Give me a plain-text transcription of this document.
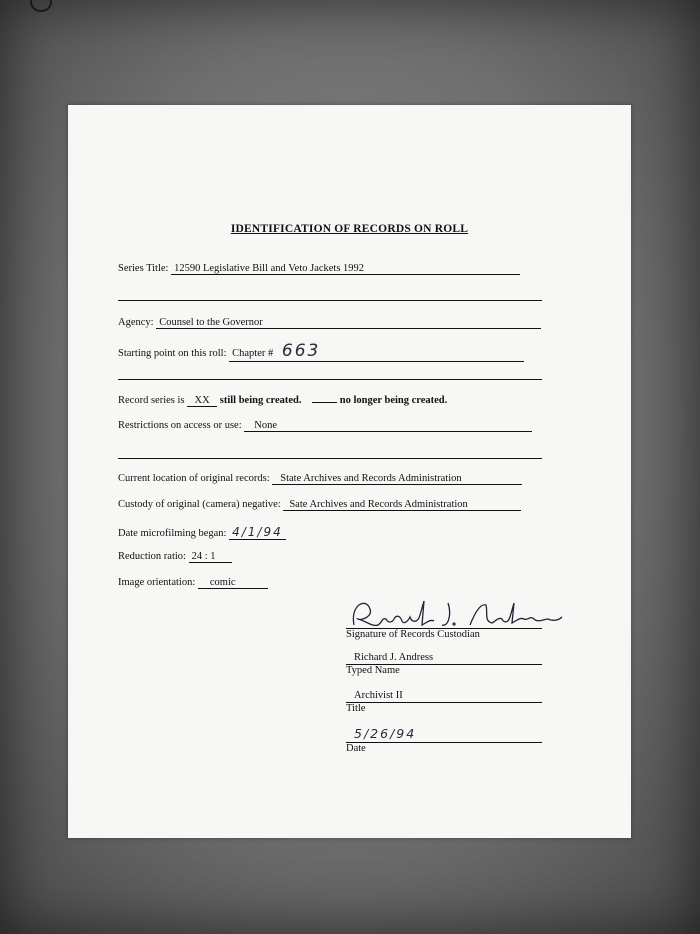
IDENTIFICATION OF RECORDS ON ROLL
Series Title: 12590 Legislative Bill and Veto Jackets 1992
Agency: Counsel to the Governor
Starting point on this roll: Chapter # 663
Record series is XX still being created.	no longer being created.
Restrictions on access or use: None
Current location of original records: State Archives and Records Administration
Custody of original (camera) negative: Sate Archives and Records Administration
Date microfilming began: 4/1/94
Reduction ratio: 24 : 1
Image orientation: comic
Signature of Records Custodian
Richard J. Andress
Typed Name
Archivist II
Title
5/26/94
Date
